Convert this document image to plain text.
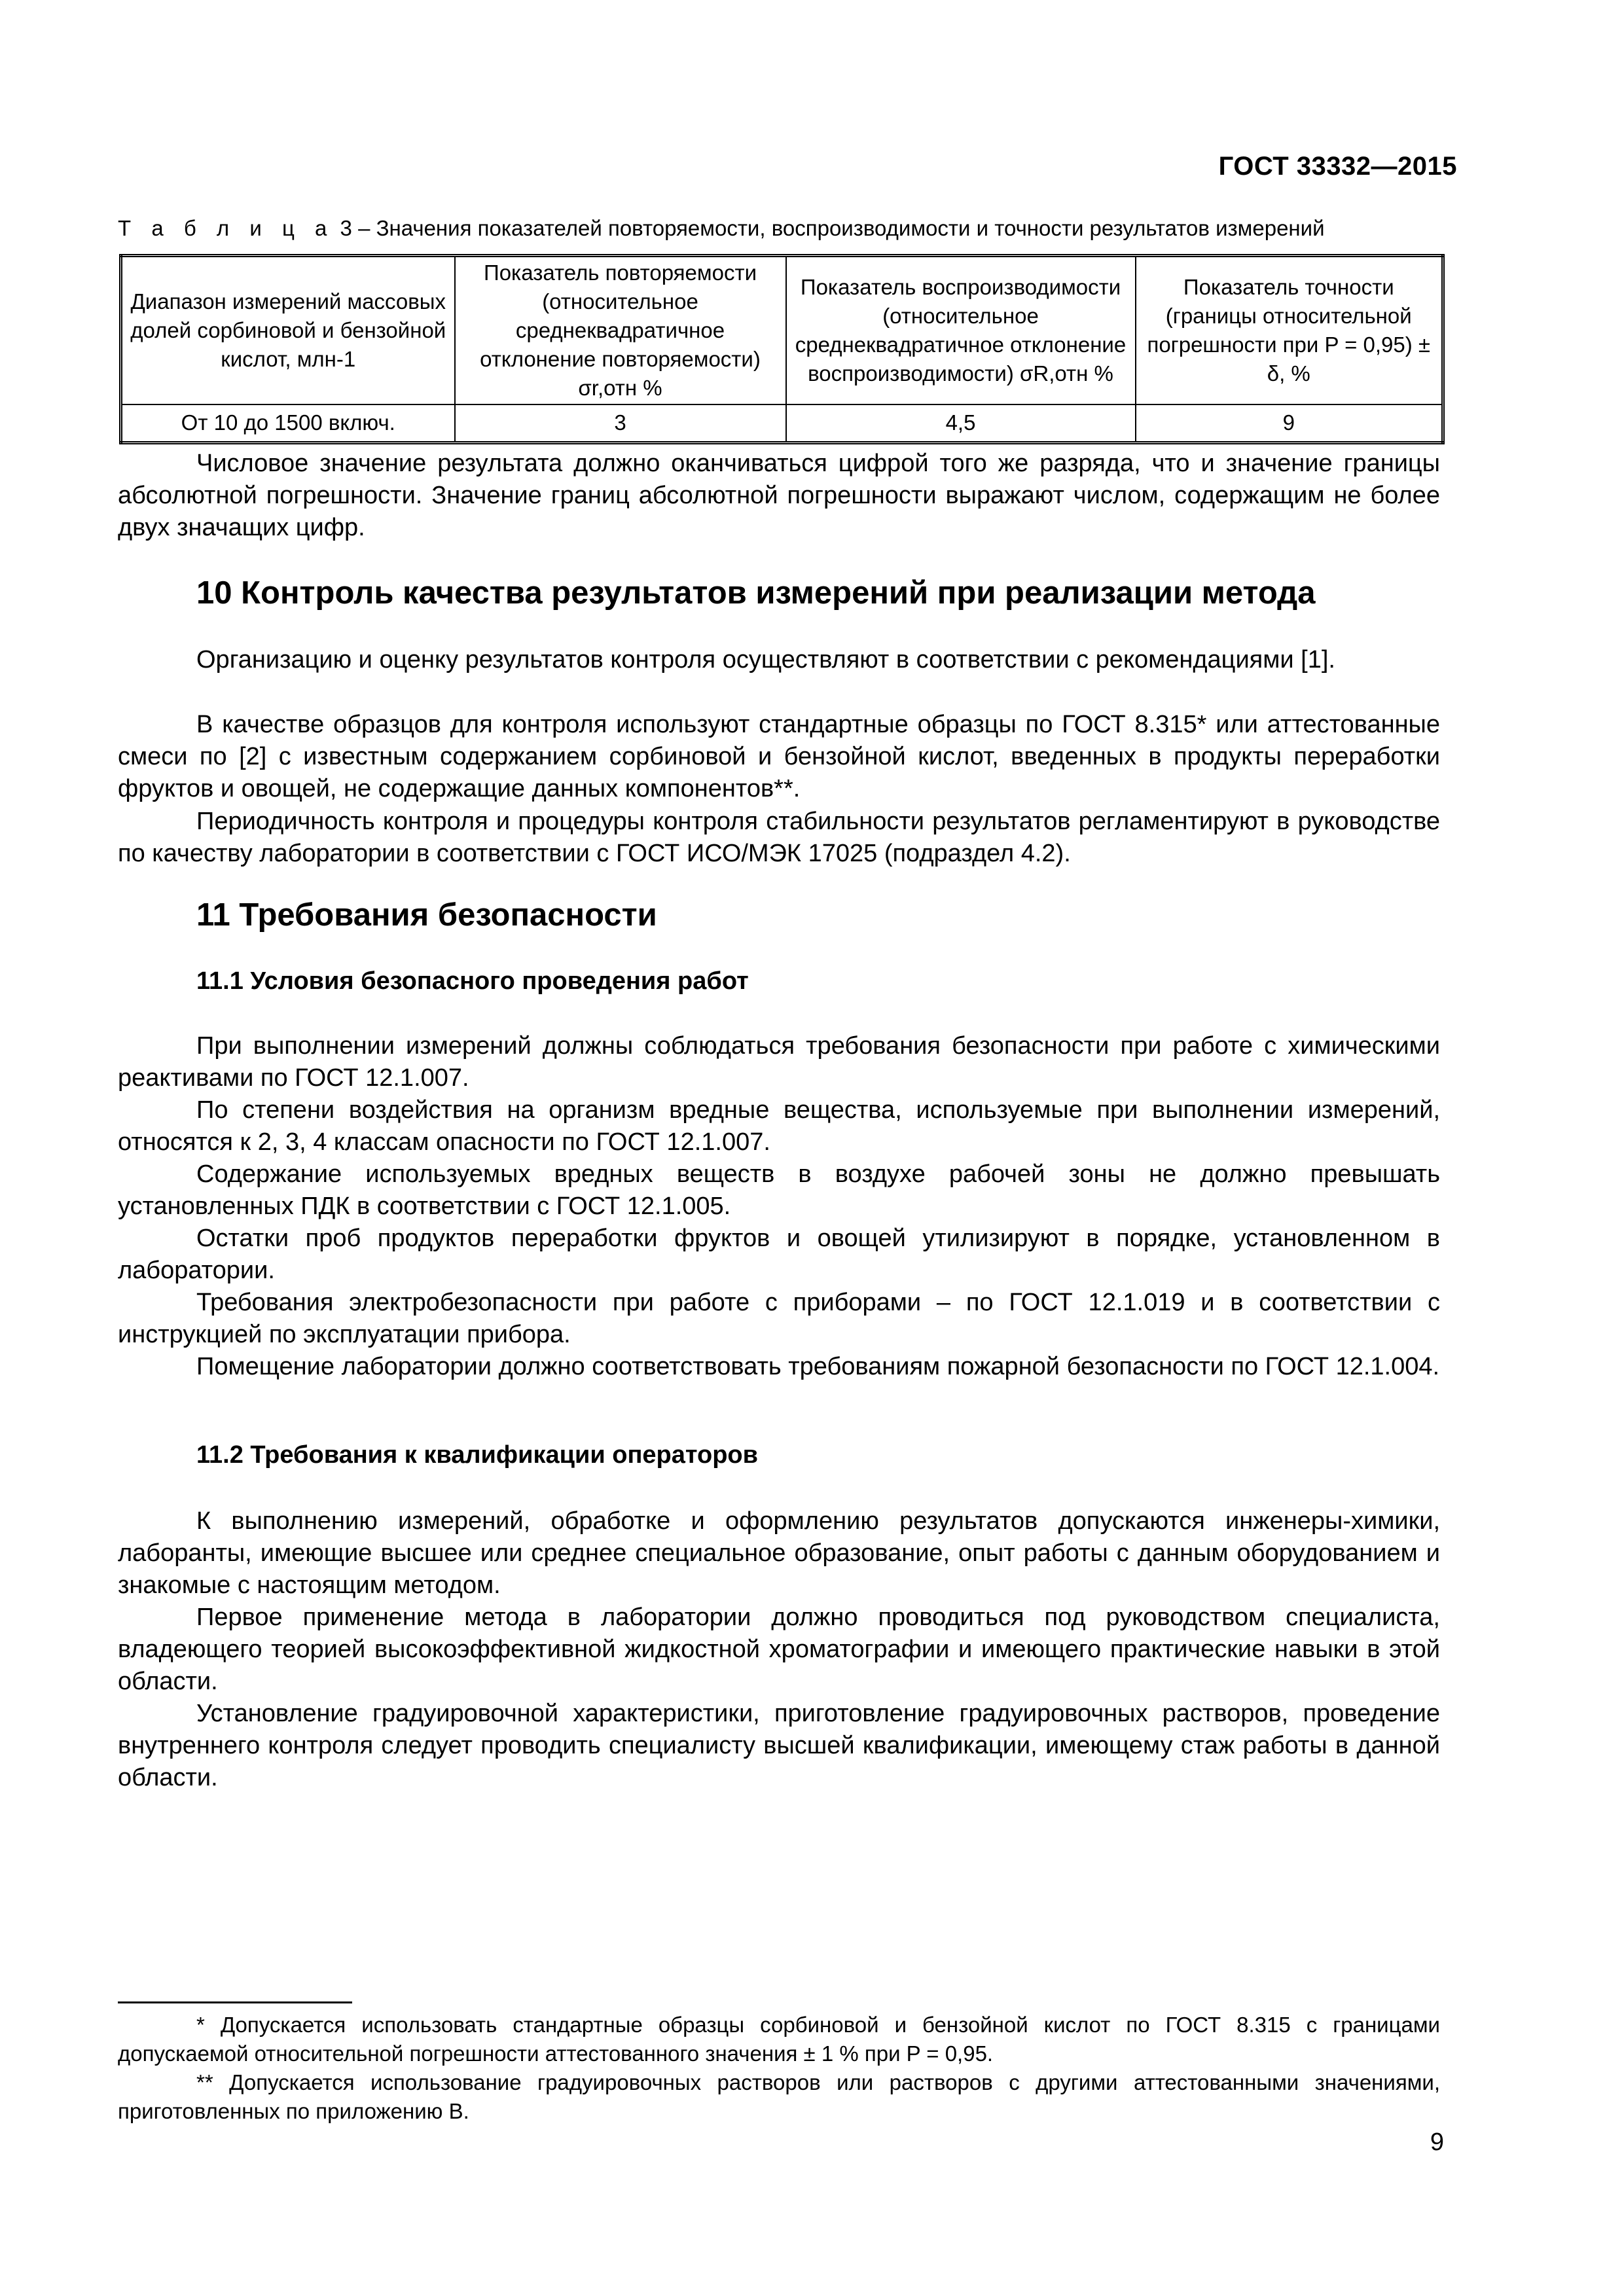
ГОСТ 33332—2015
Т а б л и ц а 3 – Значения показателей повторяемости, воспроизводимости и точности результатов измерений
Диапазон измерений массовых долей сорбиновой и бензойной кислот, млн-1	Показатель повторяемости (относительное среднеквадратичное отклонение повторяемости) σr,отн %	Показатель воспроизводимости (относительное среднеквадратичное отклонение воспроизводимости) σR,отн %	Показатель точности (границы относительной погрешности при P = 0,95) ± δ, %
От 10 до 1500 включ.	3	4,5	9
Числовое значение результата должно оканчиваться цифрой того же разряда, что и значение границы абсолютной погрешности. Значение границ абсолютной погрешности выражают числом, содержащим не более двух значащих цифр.
10 Контроль качества результатов измерений при реализации метода
Организацию и оценку результатов контроля осуществляют в соответствии с рекомендациями [1].
В качестве образцов для контроля используют стандартные образцы по ГОСТ 8.315* или аттестованные смеси по [2] с известным содержанием сорбиновой и бензойной кислот, введенных в продукты переработки фруктов и овощей, не содержащие данных компонентов**.
Периодичность контроля и процедуры контроля стабильности результатов регламентируют в руководстве по качеству лаборатории в соответствии с ГОСТ ИСО/МЭК 17025 (подраздел 4.2).
11 Требования безопасности
11.1 Условия безопасного проведения работ
При выполнении измерений должны соблюдаться требования безопасности при работе с химическими реактивами по ГОСТ 12.1.007.
По степени воздействия на организм вредные вещества, используемые при выполнении измерений, относятся к 2, 3, 4 классам опасности по ГОСТ 12.1.007.
Содержание используемых вредных веществ в воздухе рабочей зоны не должно превышать установленных ПДК в соответствии с ГОСТ 12.1.005.
Остатки проб продуктов переработки фруктов и овощей утилизируют в порядке, установленном в лаборатории.
Требования электробезопасности при работе с приборами – по ГОСТ 12.1.019 и в соответствии с инструкцией по эксплуатации прибора.
Помещение лаборатории должно соответствовать требованиям пожарной безопасности по ГОСТ 12.1.004.
11.2 Требования к квалификации операторов
К выполнению измерений, обработке и оформлению результатов допускаются инженеры-химики, лаборанты, имеющие высшее или среднее специальное образование, опыт работы с данным оборудованием и знакомые с настоящим методом.
Первое применение метода в лаборатории должно проводиться под руководством специалиста, владеющего теорией высокоэффективной жидкостной хроматографии и имеющего практические навыки в этой области.
Установление градуировочной характеристики, приготовление градуировочных растворов, проведение внутреннего контроля следует проводить специалисту высшей квалификации, имеющему стаж работы в данной области.
* Допускается использовать стандартные образцы сорбиновой и бензойной кислот по ГОСТ 8.315 с границами допускаемой относительной погрешности аттестованного значения ± 1 % при P = 0,95.
** Допускается использование градуировочных растворов или растворов с другими аттестованными значениями, приготовленных по приложению В.
9
